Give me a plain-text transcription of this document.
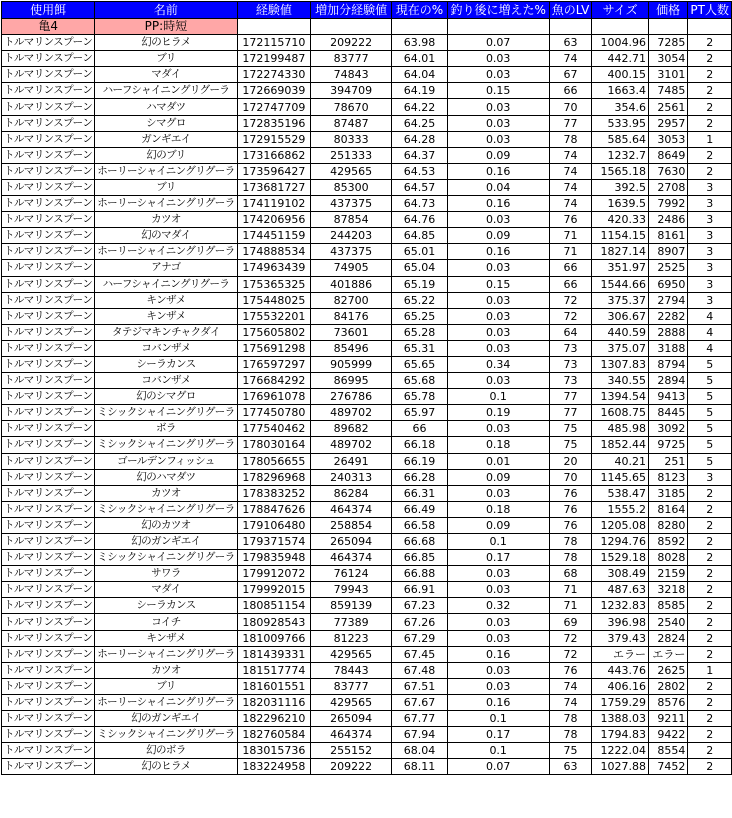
使用餌	名前	経験値	増加分経験値	現在の%	釣り後に増えた%	魚のLV	サイズ	価格	PT人数
亀4	PP:時短								
トルマリンスプーン	幻のヒラメ	172115710	209222	63.98	0.07	63	1004.96	7285	2
トルマリンスプーン	ブリ	172199487	83777	64.01	0.03	74	442.71	3054	2
トルマリンスプーン	マダイ	172274330	74843	64.04	0.03	67	400.15	3101	2
トルマリンスプーン	ハーフシャイニングリグーラ	172669039	394709	64.19	0.15	66	1663.4	7485	2
トルマリンスプーン	ハマダツ	172747709	78670	64.22	0.03	70	354.6	2561	2
トルマリンスプーン	シマグロ	172835196	87487	64.25	0.03	77	533.95	2957	2
トルマリンスプーン	ガンギエイ	172915529	80333	64.28	0.03	78	585.64	3053	1
トルマリンスプーン	幻のブリ	173166862	251333	64.37	0.09	74	1232.7	8649	2
トルマリンスプーン	ホーリーシャイニングリグーラ	173596427	429565	64.53	0.16	74	1565.18	7630	2
トルマリンスプーン	ブリ	173681727	85300	64.57	0.04	74	392.5	2708	3
トルマリンスプーン	ホーリーシャイニングリグーラ	174119102	437375	64.73	0.16	74	1639.5	7992	3
トルマリンスプーン	カツオ	174206956	87854	64.76	0.03	76	420.33	2486	3
トルマリンスプーン	幻のマダイ	174451159	244203	64.85	0.09	71	1154.15	8161	3
トルマリンスプーン	ホーリーシャイニングリグーラ	174888534	437375	65.01	0.16	71	1827.14	8907	3
トルマリンスプーン	アナゴ	174963439	74905	65.04	0.03	66	351.97	2525	3
トルマリンスプーン	ハーフシャイニングリグーラ	175365325	401886	65.19	0.15	66	1544.66	6950	3
トルマリンスプーン	キンザメ	175448025	82700	65.22	0.03	72	375.37	2794	3
トルマリンスプーン	キンザメ	175532201	84176	65.25	0.03	72	306.67	2282	4
トルマリンスプーン	タテジマキンチャクダイ	175605802	73601	65.28	0.03	64	440.59	2888	4
トルマリンスプーン	コバンザメ	175691298	85496	65.31	0.03	73	375.07	3188	4
トルマリンスプーン	シーラカンス	176597297	905999	65.65	0.34	73	1307.83	8794	5
トルマリンスプーン	コバンザメ	176684292	86995	65.68	0.03	73	340.55	2894	5
トルマリンスプーン	幻のシマグロ	176961078	276786	65.78	0.1	77	1394.54	9413	5
トルマリンスプーン	ミシックシャイニングリグーラ	177450780	489702	65.97	0.19	77	1608.75	8445	5
トルマリンスプーン	ボラ	177540462	89682	66	0.03	75	485.98	3092	5
トルマリンスプーン	ミシックシャイニングリグーラ	178030164	489702	66.18	0.18	75	1852.44	9725	5
トルマリンスプーン	ゴールデンフィッシュ	178056655	26491	66.19	0.01	20	40.21	251	5
トルマリンスプーン	幻のハマダツ	178296968	240313	66.28	0.09	70	1145.65	8123	3
トルマリンスプーン	カツオ	178383252	86284	66.31	0.03	76	538.47	3185	2
トルマリンスプーン	ミシックシャイニングリグーラ	178847626	464374	66.49	0.18	76	1555.2	8164	2
トルマリンスプーン	幻のカツオ	179106480	258854	66.58	0.09	76	1205.08	8280	2
トルマリンスプーン	幻のガンギエイ	179371574	265094	66.68	0.1	78	1294.76	8592	2
トルマリンスプーン	ミシックシャイニングリグーラ	179835948	464374	66.85	0.17	78	1529.18	8028	2
トルマリンスプーン	サワラ	179912072	76124	66.88	0.03	68	308.49	2159	2
トルマリンスプーン	マダイ	179992015	79943	66.91	0.03	71	487.63	3218	2
トルマリンスプーン	シーラカンス	180851154	859139	67.23	0.32	71	1232.83	8585	2
トルマリンスプーン	コイチ	180928543	77389	67.26	0.03	69	396.98	2540	2
トルマリンスプーン	キンザメ	181009766	81223	67.29	0.03	72	379.43	2824	2
トルマリンスプーン	ホーリーシャイニングリグーラ	181439331	429565	67.45	0.16	72	エラー	エラー	2
トルマリンスプーン	カツオ	181517774	78443	67.48	0.03	76	443.76	2625	1
トルマリンスプーン	ブリ	181601551	83777	67.51	0.03	74	406.16	2802	2
トルマリンスプーン	ホーリーシャイニングリグーラ	182031116	429565	67.67	0.16	74	1759.29	8576	2
トルマリンスプーン	幻のガンギエイ	182296210	265094	67.77	0.1	78	1388.03	9211	2
トルマリンスプーン	ミシックシャイニングリグーラ	182760584	464374	67.94	0.17	78	1794.83	9422	2
トルマリンスプーン	幻のボラ	183015736	255152	68.04	0.1	75	1222.04	8554	2
トルマリンスプーン	幻のヒラメ	183224958	209222	68.11	0.07	63	1027.88	7452	2
